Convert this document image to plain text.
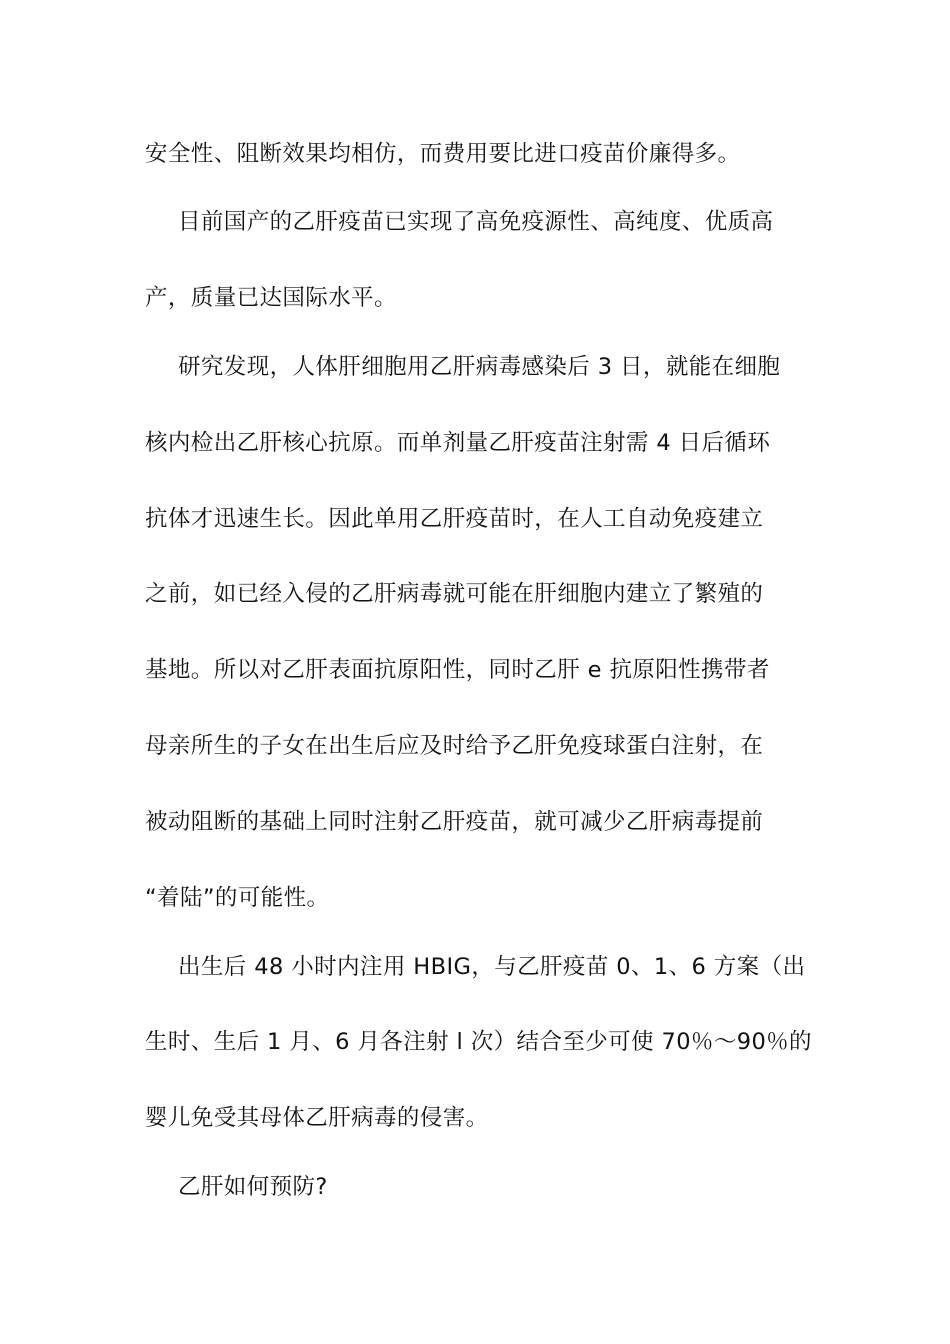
安全性、阻断效果均相仿，而费用要比进口疫苗价廉得多。
目前国产的乙肝疫苗已实现了高免疫源性、高纯度、优质高
产，质量已达国际水平。
研究发现，人体肝细胞用乙肝病毒感染后 3 日，就能在细胞
核内检出乙肝核心抗原。而单剂量乙肝疫苗注射需 4 日后循环
抗体才迅速生长。因此单用乙肝疫苗时，在人工自动免疫建立
之前，如已经入侵的乙肝病毒就可能在肝细胞内建立了繁殖的
基地。所以对乙肝表面抗原阳性，同时乙肝 e 抗原阳性携带者
母亲所生的子女在出生后应及时给予乙肝免疫球蛋白注射，在
被动阻断的基础上同时注射乙肝疫苗，就可减少乙肝病毒提前
“着陆”的可能性。
出生后 48 小时内注用 HBIG，与乙肝疫苗 0、1、6 方案（出
生时、生后 1 月、6 月各注射 l 次）结合至少可使 70％～90％的
婴儿免受其母体乙肝病毒的侵害。
乙肝如何预防?
